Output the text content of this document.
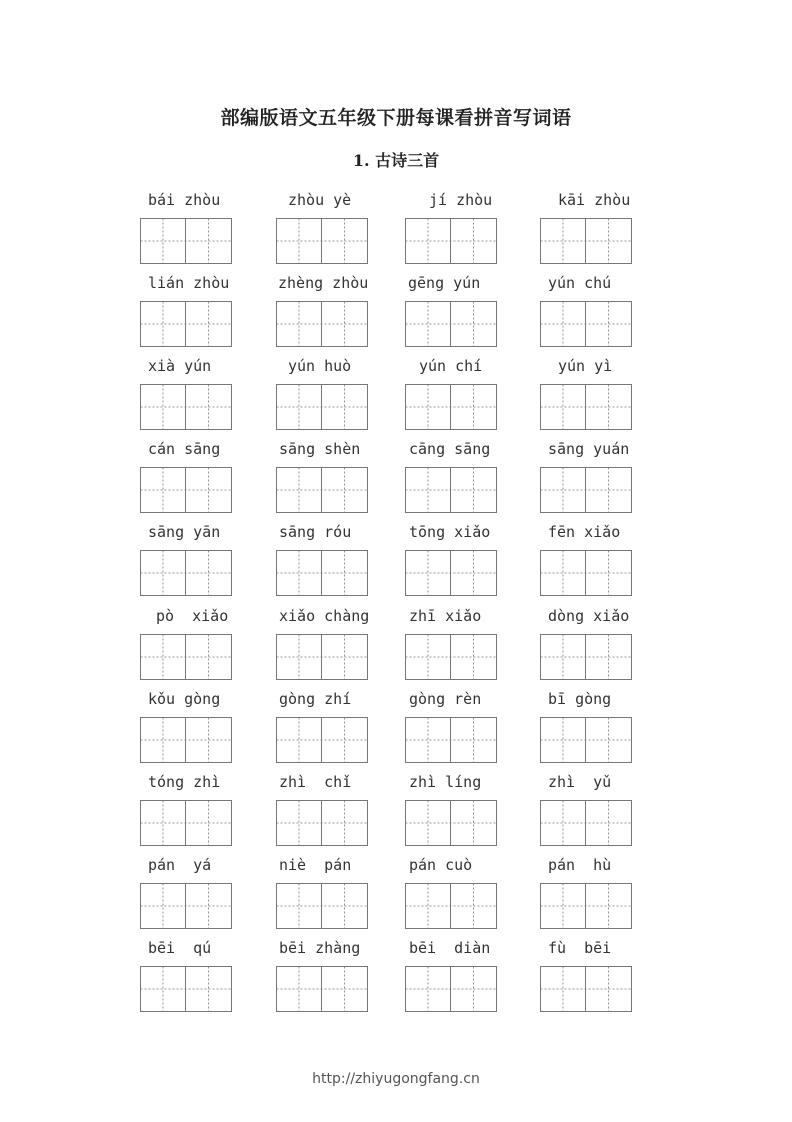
部编版语文五年级下册每课看拼音写词语
1. 古诗三首
bái zhòu	zhòu yè	jí zhòu	kāi zhòu
lián zhòu	zhèng zhòu	gēng yún	yún chú
xià yún	yún huò	yún chí	yún yì
cán sāng	sāng shèn	cāng sāng	sāng yuán
sāng yān	sāng róu	tōng xiǎo	fēn xiǎo
pò  xiǎo	xiǎo chàng	zhī xiǎo	dòng xiǎo
kǒu gòng	gòng zhí	gòng rèn	bī gòng
tóng zhì	zhì  chǐ	zhì líng	zhì  yǔ
pán  yá	niè  pán	pán cuò	pán  hù
bēi  qú	bēi zhàng	bēi  diàn	fù  bēi
http://zhiyugongfang.cn
